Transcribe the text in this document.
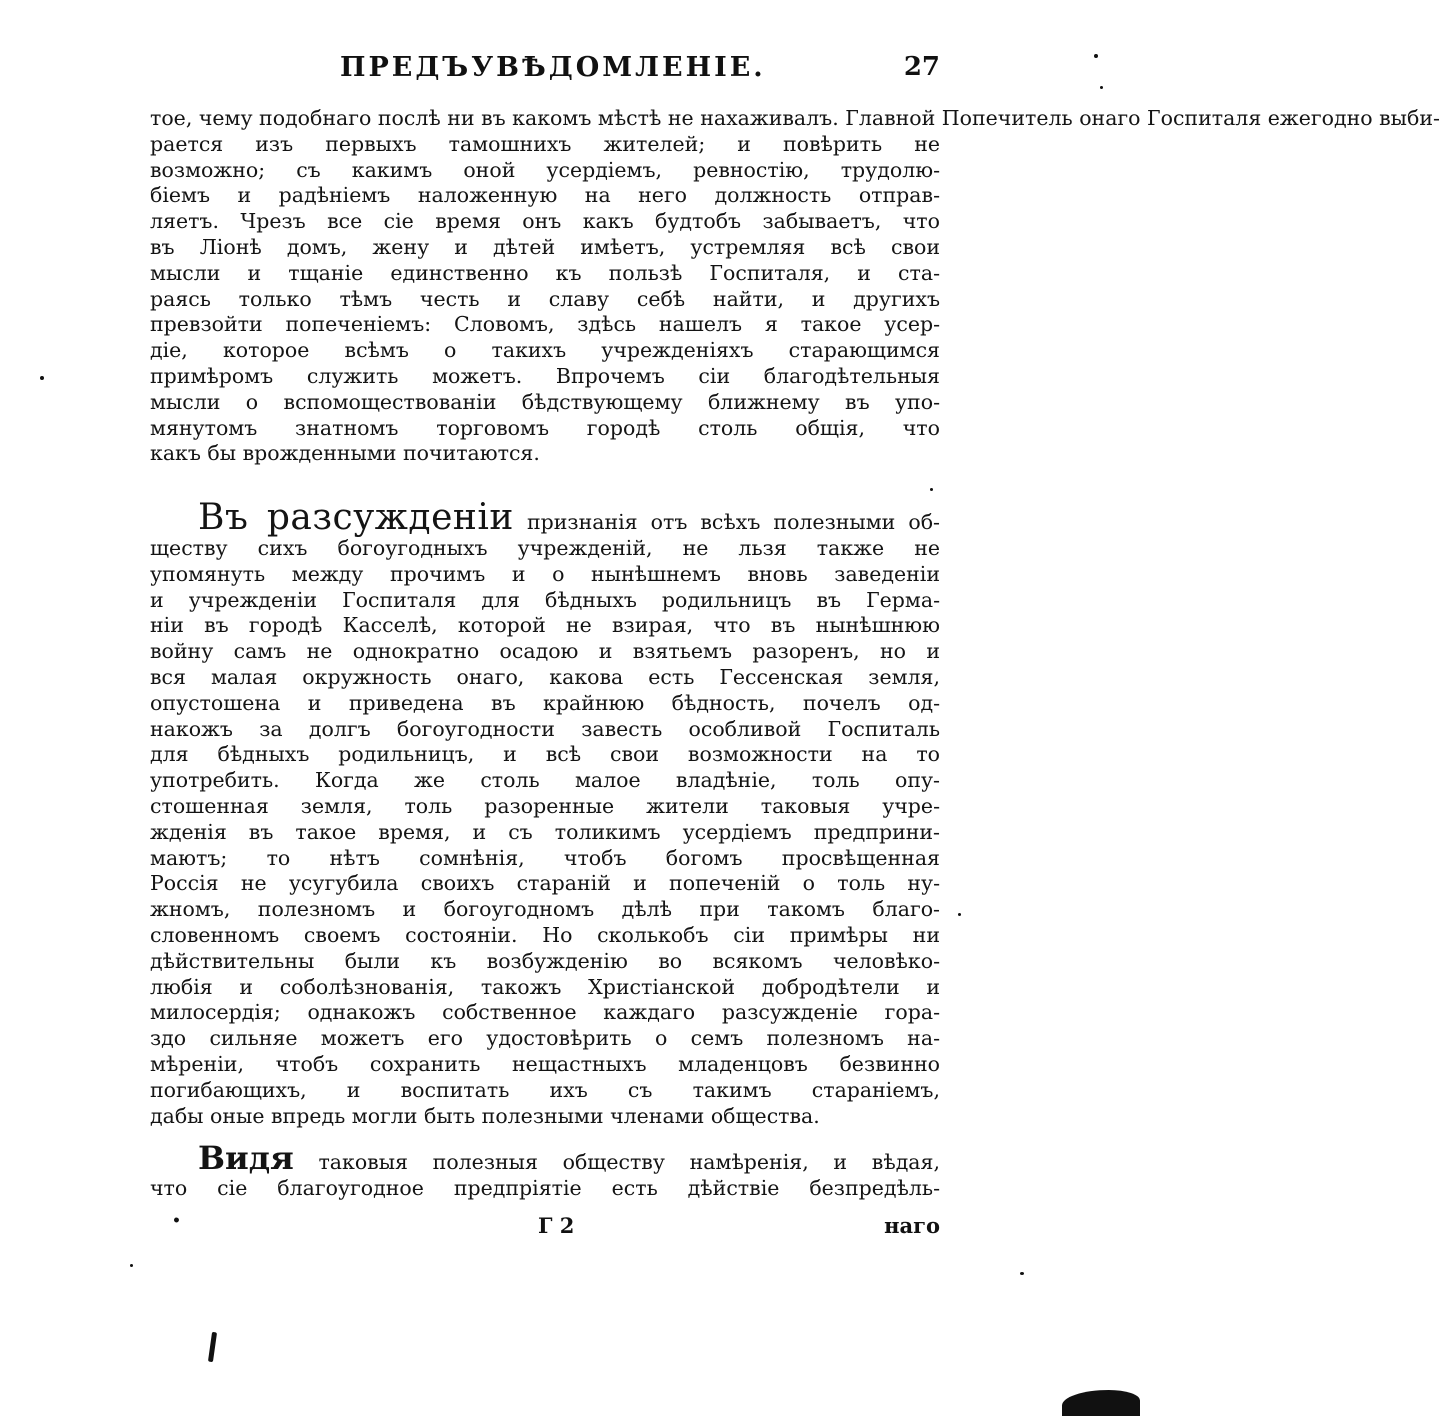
ПРЕДЪУВѢДОМЛЕНІЕ.	27
тое, чему подобнаго послѣ ни въ какомъ мѣстѣ не нахаживалъ. Главной Попечитель онаго Госпиталя ежегодно выби-
рается изъ первыхъ тамошнихъ жителей; и повѣрить не
возможно; съ какимъ оной усердіемъ, ревностію, трудолю-
біемъ и радѣніемъ наложенную на него должность отправ-
ляетъ. Чрезъ все сіе время онъ какъ будтобъ забываетъ, что
въ Ліонѣ домъ, жену и дѣтей имѣетъ, устремляя всѣ свои
мысли и тщаніе единственно къ пользѣ Госпиталя, и ста-
раясь только тѣмъ честь и славу себѣ найти, и другихъ
превзойти попеченіемъ: Словомъ, здѣсь нашелъ я такое усер-
діе, которое всѣмъ о такихъ учрежденіяхъ старающимся
примѣромъ служить можетъ. Впрочемъ сіи благодѣтельныя
мысли о вспомоществованіи бѣдствующему ближнему въ упо-
мянутомъ знатномъ торговомъ городѣ столь общія, что
какъ бы врожденными почитаются.
Въ разсужденіи признанія отъ всѣхъ полезными об-
ществу сихъ богоугодныхъ учрежденій, не льзя также не
упомянуть между прочимъ и о нынѣшнемъ вновь заведеніи
и учрежденіи Госпиталя для бѣдныхъ родильницъ въ Герма-
ніи въ городѣ Касселѣ, которой не взирая, что въ нынѣшнюю
войну самъ не однократно осадою и взятьемъ разоренъ, но и
вся малая окружность онаго, какова есть Гессенская земля,
опустошена и приведена въ крайнюю бѣдность, почелъ од-
накожъ за долгъ богоугодности завесть особливой Госпиталь
для бѣдныхъ родильницъ, и всѣ свои возможности на то
употребить. Когда же столь малое владѣніе, толь опу-
стошенная земля, толь разоренные жители таковыя учре-
жденія въ такое время, и съ толикимъ усердіемъ предприни-
маютъ; то нѣтъ сомнѣнія, чтобъ богомъ просвѣщенная
Россія не усугубила своихъ стараній и попеченій о толь ну-
жномъ, полезномъ и богоугодномъ дѣлѣ при такомъ благо-
словенномъ своемъ состояніи. Но сколькобъ сіи примѣры ни
дѣйствительны были къ возбужденію во всякомъ человѣко-
любія и соболѣзнованія, такожъ Христіанской добродѣтели и
милосердія; однакожъ собственное каждаго разсужденіе гора-
здо сильняе можетъ его удостовѣрить о семъ полезномъ на-
мѣреніи, чтобъ сохранить нещастныхъ младенцовъ безвинно
погибающихъ, и воспитать ихъ съ такимъ стараніемъ,
дабы оные впредь могли быть полезными членами общества.
Видя таковыя полезныя обществу намѣренія, и вѣдая,
что сіе благоугодное предпріятіе есть дѣйствіе безпредѣль-
•	Г 2	наго
